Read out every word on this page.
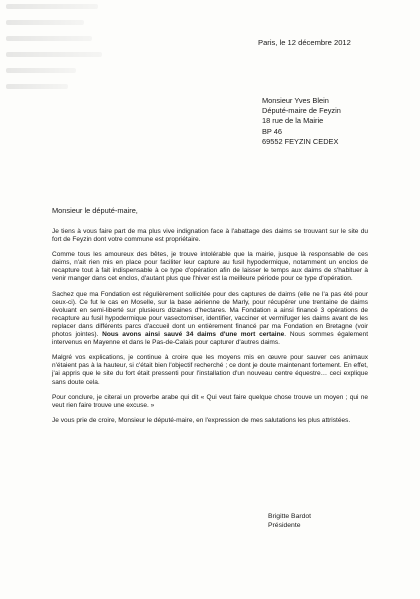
Paris, le 12 décembre 2012
Monsieur Yves Blein
Député-maire de Feyzin
18 rue de la Mairie
BP 46
69552 FEYZIN CEDEX
Monsieur le député-maire,

Je tiens à vous faire part de ma plus vive indignation face à l'abattage des daims se trouvant sur le site du fort de Feyzin dont votre commune est propriétaire.

Comme tous les amoureux des bêtes, je trouve intolérable que la mairie, jusque là responsable de ces daims, n'ait rien mis en place pour faciliter leur capture au fusil hypodermique, notamment un enclos de recapture tout à fait indispensable à ce type d'opération afin de laisser le temps aux daims de s'habituer à venir manger dans cet enclos, d'autant plus que l'hiver est la meilleure période pour ce type d'opération.

Sachez que ma Fondation est régulièrement sollicitée pour des captures de daims (elle ne l'a pas été pour ceux-ci). Ce fut le cas en Moselle, sur la base aérienne de Marly, pour récupérer une trentaine de daims évoluant en semi-liberté sur plusieurs dizaines d'hectares. Ma Fondation a ainsi financé 3 opérations de recapture au fusil hypodermique pour vasectomiser, identifier, vacciner et vermifuger les daims avant de les replacer dans différents parcs d'accueil dont un entièrement financé par ma Fondation en Bretagne (voir photos jointes). Nous avons ainsi sauvé 34 daims d'une mort certaine. Nous sommes également intervenus en Mayenne et dans le Pas-de-Calais pour capturer d'autres daims.

Malgré vos explications, je continue à croire que les moyens mis en œuvre pour sauver ces animaux n'étaient pas à la hauteur, si c'était bien l'objectif recherché ; ce dont je doute maintenant fortement. En effet, j'ai appris que le site du fort était pressenti pour l'installation d'un nouveau centre équestre… ceci explique sans doute cela.

Pour conclure, je citerai un proverbe arabe qui dit « Qui veut faire quelque chose trouve un moyen ; qui ne veut rien faire trouve une excuse. »

Je vous prie de croire, Monsieur le député-maire, en l'expression de mes salutations les plus attristées.

Brigitte Bardot
Présidente
